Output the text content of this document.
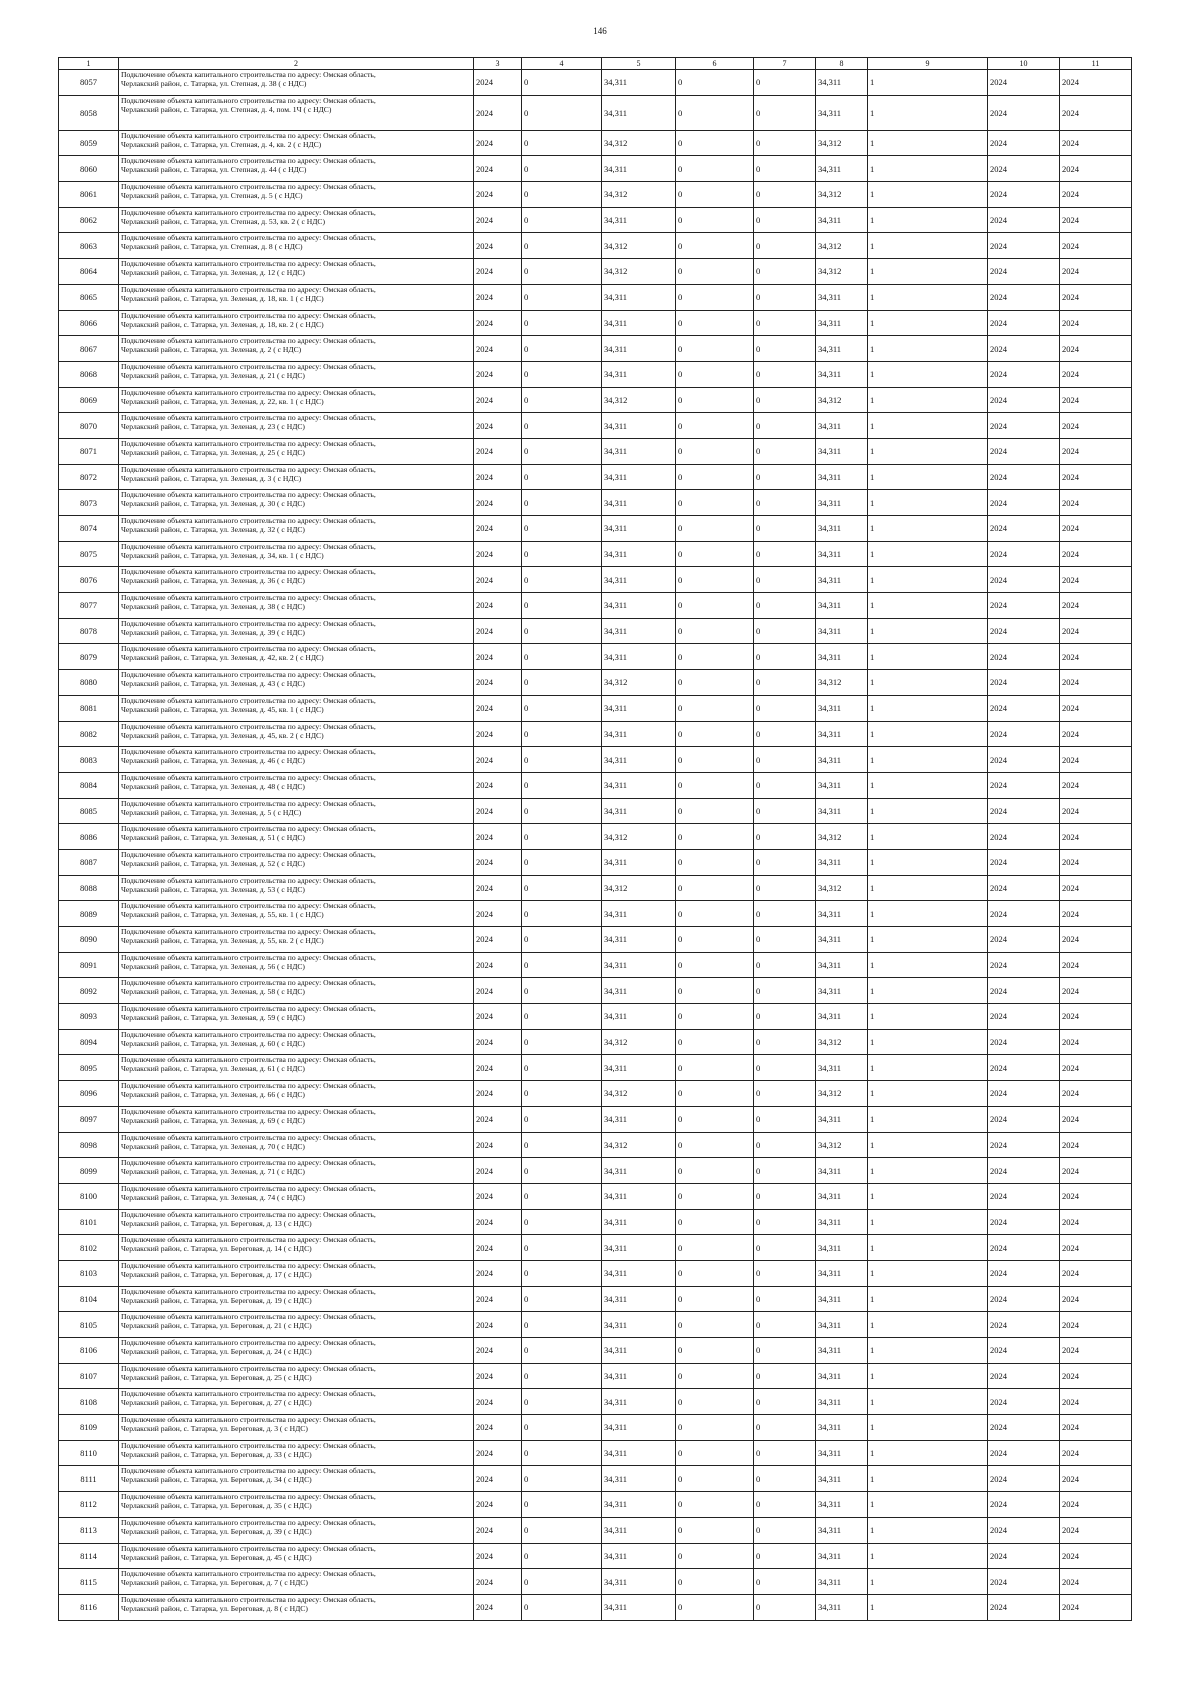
146
1	2	3	4	5	6	7	8	9	10	11
8057	Подключение объекта капитального строительства по адресу: Омская область,
Черлакский район, с. Татарка, ул. Степная, д. 38 ( с НДС)	2024	0	34,311	0	0	34,311	1	2024	2024
8058	Подключение объекта капитального строительства по адресу: Омская область,
Черлакский район, с. Татарка, ул. Степная, д. 4, пом. 1Ч ( с НДС)	2024	0	34,311	0	0	34,311	1	2024	2024
8059	Подключение объекта капитального строительства по адресу: Омская область,
Черлакский район, с. Татарка, ул. Степная, д. 4, кв. 2 ( с НДС)	2024	0	34,312	0	0	34,312	1	2024	2024
8060	Подключение объекта капитального строительства по адресу: Омская область,
Черлакский район, с. Татарка, ул. Степная, д. 44 ( с НДС)	2024	0	34,311	0	0	34,311	1	2024	2024
8061	Подключение объекта капитального строительства по адресу: Омская область,
Черлакский район, с. Татарка, ул. Степная, д. 5 ( с НДС)	2024	0	34,312	0	0	34,312	1	2024	2024
8062	Подключение объекта капитального строительства по адресу: Омская область,
Черлакский район, с. Татарка, ул. Степная, д. 53, кв. 2 ( с НДС)	2024	0	34,311	0	0	34,311	1	2024	2024
8063	Подключение объекта капитального строительства по адресу: Омская область,
Черлакский район, с. Татарка, ул. Степная, д. 8 ( с НДС)	2024	0	34,312	0	0	34,312	1	2024	2024
8064	Подключение объекта капитального строительства по адресу: Омская область,
Черлакский район, с. Татарка, ул. Зеленая, д. 12 ( с НДС)	2024	0	34,312	0	0	34,312	1	2024	2024
8065	Подключение объекта капитального строительства по адресу: Омская область,
Черлакский район, с. Татарка, ул. Зеленая, д. 18, кв. 1 ( с НДС)	2024	0	34,311	0	0	34,311	1	2024	2024
8066	Подключение объекта капитального строительства по адресу: Омская область,
Черлакский район, с. Татарка, ул. Зеленая, д. 18, кв. 2 ( с НДС)	2024	0	34,311	0	0	34,311	1	2024	2024
8067	Подключение объекта капитального строительства по адресу: Омская область,
Черлакский район, с. Татарка, ул. Зеленая, д. 2 ( с НДС)	2024	0	34,311	0	0	34,311	1	2024	2024
8068	Подключение объекта капитального строительства по адресу: Омская область,
Черлакский район, с. Татарка, ул. Зеленая, д. 21 ( с НДС)	2024	0	34,311	0	0	34,311	1	2024	2024
8069	Подключение объекта капитального строительства по адресу: Омская область,
Черлакский район, с. Татарка, ул. Зеленая, д. 22, кв. 1 ( с НДС)	2024	0	34,312	0	0	34,312	1	2024	2024
8070	Подключение объекта капитального строительства по адресу: Омская область,
Черлакский район, с. Татарка, ул. Зеленая, д. 23 ( с НДС)	2024	0	34,311	0	0	34,311	1	2024	2024
8071	Подключение объекта капитального строительства по адресу: Омская область,
Черлакский район, с. Татарка, ул. Зеленая, д. 25 ( с НДС)	2024	0	34,311	0	0	34,311	1	2024	2024
8072	Подключение объекта капитального строительства по адресу: Омская область,
Черлакский район, с. Татарка, ул. Зеленая, д. 3 ( с НДС)	2024	0	34,311	0	0	34,311	1	2024	2024
8073	Подключение объекта капитального строительства по адресу: Омская область,
Черлакский район, с. Татарка, ул. Зеленая, д. 30 ( с НДС)	2024	0	34,311	0	0	34,311	1	2024	2024
8074	Подключение объекта капитального строительства по адресу: Омская область,
Черлакский район, с. Татарка, ул. Зеленая, д. 32 ( с НДС)	2024	0	34,311	0	0	34,311	1	2024	2024
8075	Подключение объекта капитального строительства по адресу: Омская область,
Черлакский район, с. Татарка, ул. Зеленая, д. 34, кв. 1 ( с НДС)	2024	0	34,311	0	0	34,311	1	2024	2024
8076	Подключение объекта капитального строительства по адресу: Омская область,
Черлакский район, с. Татарка, ул. Зеленая, д. 36 ( с НДС)	2024	0	34,311	0	0	34,311	1	2024	2024
8077	Подключение объекта капитального строительства по адресу: Омская область,
Черлакский район, с. Татарка, ул. Зеленая, д. 38 ( с НДС)	2024	0	34,311	0	0	34,311	1	2024	2024
8078	Подключение объекта капитального строительства по адресу: Омская область,
Черлакский район, с. Татарка, ул. Зеленая, д. 39 ( с НДС)	2024	0	34,311	0	0	34,311	1	2024	2024
8079	Подключение объекта капитального строительства по адресу: Омская область,
Черлакский район, с. Татарка, ул. Зеленая, д. 42, кв. 2 ( с НДС)	2024	0	34,311	0	0	34,311	1	2024	2024
8080	Подключение объекта капитального строительства по адресу: Омская область,
Черлакский район, с. Татарка, ул. Зеленая, д. 43 ( с НДС)	2024	0	34,312	0	0	34,312	1	2024	2024
8081	Подключение объекта капитального строительства по адресу: Омская область,
Черлакский район, с. Татарка, ул. Зеленая, д. 45, кв. 1 ( с НДС)	2024	0	34,311	0	0	34,311	1	2024	2024
8082	Подключение объекта капитального строительства по адресу: Омская область,
Черлакский район, с. Татарка, ул. Зеленая, д. 45, кв. 2 ( с НДС)	2024	0	34,311	0	0	34,311	1	2024	2024
8083	Подключение объекта капитального строительства по адресу: Омская область,
Черлакский район, с. Татарка, ул. Зеленая, д. 46 ( с НДС)	2024	0	34,311	0	0	34,311	1	2024	2024
8084	Подключение объекта капитального строительства по адресу: Омская область,
Черлакский район, с. Татарка, ул. Зеленая, д. 48 ( с НДС)	2024	0	34,311	0	0	34,311	1	2024	2024
8085	Подключение объекта капитального строительства по адресу: Омская область,
Черлакский район, с. Татарка, ул. Зеленая, д. 5 ( с НДС)	2024	0	34,311	0	0	34,311	1	2024	2024
8086	Подключение объекта капитального строительства по адресу: Омская область,
Черлакский район, с. Татарка, ул. Зеленая, д. 51 ( с НДС)	2024	0	34,312	0	0	34,312	1	2024	2024
8087	Подключение объекта капитального строительства по адресу: Омская область,
Черлакский район, с. Татарка, ул. Зеленая, д. 52 ( с НДС)	2024	0	34,311	0	0	34,311	1	2024	2024
8088	Подключение объекта капитального строительства по адресу: Омская область,
Черлакский район, с. Татарка, ул. Зеленая, д. 53 ( с НДС)	2024	0	34,312	0	0	34,312	1	2024	2024
8089	Подключение объекта капитального строительства по адресу: Омская область,
Черлакский район, с. Татарка, ул. Зеленая, д. 55, кв. 1 ( с НДС)	2024	0	34,311	0	0	34,311	1	2024	2024
8090	Подключение объекта капитального строительства по адресу: Омская область,
Черлакский район, с. Татарка, ул. Зеленая, д. 55, кв. 2 ( с НДС)	2024	0	34,311	0	0	34,311	1	2024	2024
8091	Подключение объекта капитального строительства по адресу: Омская область,
Черлакский район, с. Татарка, ул. Зеленая, д. 56 ( с НДС)	2024	0	34,311	0	0	34,311	1	2024	2024
8092	Подключение объекта капитального строительства по адресу: Омская область,
Черлакский район, с. Татарка, ул. Зеленая, д. 58 ( с НДС)	2024	0	34,311	0	0	34,311	1	2024	2024
8093	Подключение объекта капитального строительства по адресу: Омская область,
Черлакский район, с. Татарка, ул. Зеленая, д. 59 ( с НДС)	2024	0	34,311	0	0	34,311	1	2024	2024
8094	Подключение объекта капитального строительства по адресу: Омская область,
Черлакский район, с. Татарка, ул. Зеленая, д. 60 ( с НДС)	2024	0	34,312	0	0	34,312	1	2024	2024
8095	Подключение объекта капитального строительства по адресу: Омская область,
Черлакский район, с. Татарка, ул. Зеленая, д. 61 ( с НДС)	2024	0	34,311	0	0	34,311	1	2024	2024
8096	Подключение объекта капитального строительства по адресу: Омская область,
Черлакский район, с. Татарка, ул. Зеленая, д. 66 ( с НДС)	2024	0	34,312	0	0	34,312	1	2024	2024
8097	Подключение объекта капитального строительства по адресу: Омская область,
Черлакский район, с. Татарка, ул. Зеленая, д. 69 ( с НДС)	2024	0	34,311	0	0	34,311	1	2024	2024
8098	Подключение объекта капитального строительства по адресу: Омская область,
Черлакский район, с. Татарка, ул. Зеленая, д. 70 ( с НДС)	2024	0	34,312	0	0	34,312	1	2024	2024
8099	Подключение объекта капитального строительства по адресу: Омская область,
Черлакский район, с. Татарка, ул. Зеленая, д. 71 ( с НДС)	2024	0	34,311	0	0	34,311	1	2024	2024
8100	Подключение объекта капитального строительства по адресу: Омская область,
Черлакский район, с. Татарка, ул. Зеленая, д. 74 ( с НДС)	2024	0	34,311	0	0	34,311	1	2024	2024
8101	Подключение объекта капитального строительства по адресу: Омская область,
Черлакский район, с. Татарка, ул. Береговая, д. 13 ( с НДС)	2024	0	34,311	0	0	34,311	1	2024	2024
8102	Подключение объекта капитального строительства по адресу: Омская область,
Черлакский район, с. Татарка, ул. Береговая, д. 14 ( с НДС)	2024	0	34,311	0	0	34,311	1	2024	2024
8103	Подключение объекта капитального строительства по адресу: Омская область,
Черлакский район, с. Татарка, ул. Береговая, д. 17 ( с НДС)	2024	0	34,311	0	0	34,311	1	2024	2024
8104	Подключение объекта капитального строительства по адресу: Омская область,
Черлакский район, с. Татарка, ул. Береговая, д. 19 ( с НДС)	2024	0	34,311	0	0	34,311	1	2024	2024
8105	Подключение объекта капитального строительства по адресу: Омская область,
Черлакский район, с. Татарка, ул. Береговая, д. 21 ( с НДС)	2024	0	34,311	0	0	34,311	1	2024	2024
8106	Подключение объекта капитального строительства по адресу: Омская область,
Черлакский район, с. Татарка, ул. Береговая, д. 24 ( с НДС)	2024	0	34,311	0	0	34,311	1	2024	2024
8107	Подключение объекта капитального строительства по адресу: Омская область,
Черлакский район, с. Татарка, ул. Береговая, д. 25 ( с НДС)	2024	0	34,311	0	0	34,311	1	2024	2024
8108	Подключение объекта капитального строительства по адресу: Омская область,
Черлакский район, с. Татарка, ул. Береговая, д. 27 ( с НДС)	2024	0	34,311	0	0	34,311	1	2024	2024
8109	Подключение объекта капитального строительства по адресу: Омская область,
Черлакский район, с. Татарка, ул. Береговая, д. 3 ( с НДС)	2024	0	34,311	0	0	34,311	1	2024	2024
8110	Подключение объекта капитального строительства по адресу: Омская область,
Черлакский район, с. Татарка, ул. Береговая, д. 33 ( с НДС)	2024	0	34,311	0	0	34,311	1	2024	2024
8111	Подключение объекта капитального строительства по адресу: Омская область,
Черлакский район, с. Татарка, ул. Береговая, д. 34 ( с НДС)	2024	0	34,311	0	0	34,311	1	2024	2024
8112	Подключение объекта капитального строительства по адресу: Омская область,
Черлакский район, с. Татарка, ул. Береговая, д. 35 ( с НДС)	2024	0	34,311	0	0	34,311	1	2024	2024
8113	Подключение объекта капитального строительства по адресу: Омская область,
Черлакский район, с. Татарка, ул. Береговая, д. 39 ( с НДС)	2024	0	34,311	0	0	34,311	1	2024	2024
8114	Подключение объекта капитального строительства по адресу: Омская область,
Черлакский район, с. Татарка, ул. Береговая, д. 45 ( с НДС)	2024	0	34,311	0	0	34,311	1	2024	2024
8115	Подключение объекта капитального строительства по адресу: Омская область,
Черлакский район, с. Татарка, ул. Береговая, д. 7 ( с НДС)	2024	0	34,311	0	0	34,311	1	2024	2024
8116	Подключение объекта капитального строительства по адресу: Омская область,
Черлакский район, с. Татарка, ул. Береговая, д. 8 ( с НДС)	2024	0	34,311	0	0	34,311	1	2024	2024
